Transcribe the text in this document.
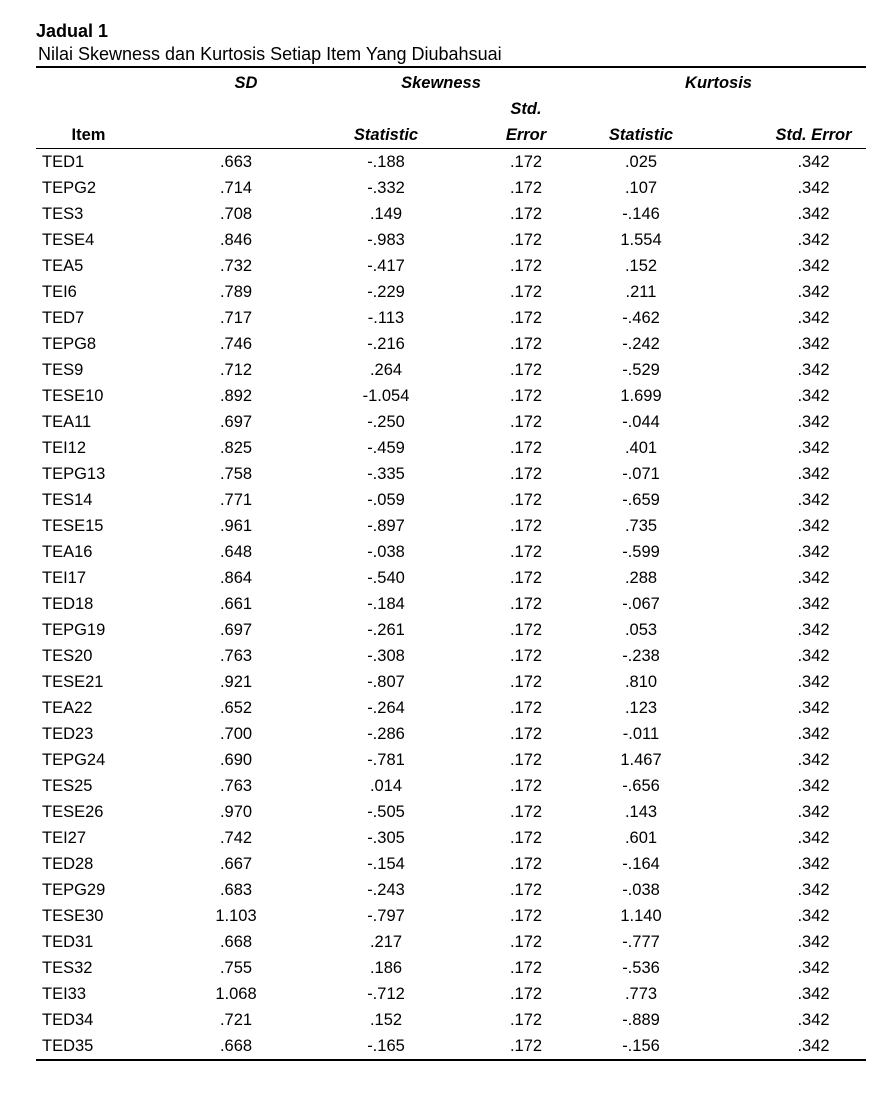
Jadual 1
Nilai Skewness dan Kurtosis Setiap Item Yang Diubahsuai
	SD	Skewness		Kurtosis	
			Std.		
Item		Statistic	Error	Statistic	Std. Error
TED1	.663	-.188	.172	.025	.342
TEPG2	.714	-.332	.172	.107	.342
TES3	.708	.149	.172	-.146	.342
TESE4	.846	-.983	.172	1.554	.342
TEA5	.732	-.417	.172	.152	.342
TEI6	.789	-.229	.172	.211	.342
TED7	.717	-.113	.172	-.462	.342
TEPG8	.746	-.216	.172	-.242	.342
TES9	.712	.264	.172	-.529	.342
TESE10	.892	-1.054	.172	1.699	.342
TEA11	.697	-.250	.172	-.044	.342
TEI12	.825	-.459	.172	.401	.342
TEPG13	.758	-.335	.172	-.071	.342
TES14	.771	-.059	.172	-.659	.342
TESE15	.961	-.897	.172	.735	.342
TEA16	.648	-.038	.172	-.599	.342
TEI17	.864	-.540	.172	.288	.342
TED18	.661	-.184	.172	-.067	.342
TEPG19	.697	-.261	.172	.053	.342
TES20	.763	-.308	.172	-.238	.342
TESE21	.921	-.807	.172	.810	.342
TEA22	.652	-.264	.172	.123	.342
TED23	.700	-.286	.172	-.011	.342
TEPG24	.690	-.781	.172	1.467	.342
TES25	.763	.014	.172	-.656	.342
TESE26	.970	-.505	.172	.143	.342
TEI27	.742	-.305	.172	.601	.342
TED28	.667	-.154	.172	-.164	.342
TEPG29	.683	-.243	.172	-.038	.342
TESE30	1.103	-.797	.172	1.140	.342
TED31	.668	.217	.172	-.777	.342
TES32	.755	.186	.172	-.536	.342
TEI33	1.068	-.712	.172	.773	.342
TED34	.721	.152	.172	-.889	.342
TED35	.668	-.165	.172	-.156	.342
